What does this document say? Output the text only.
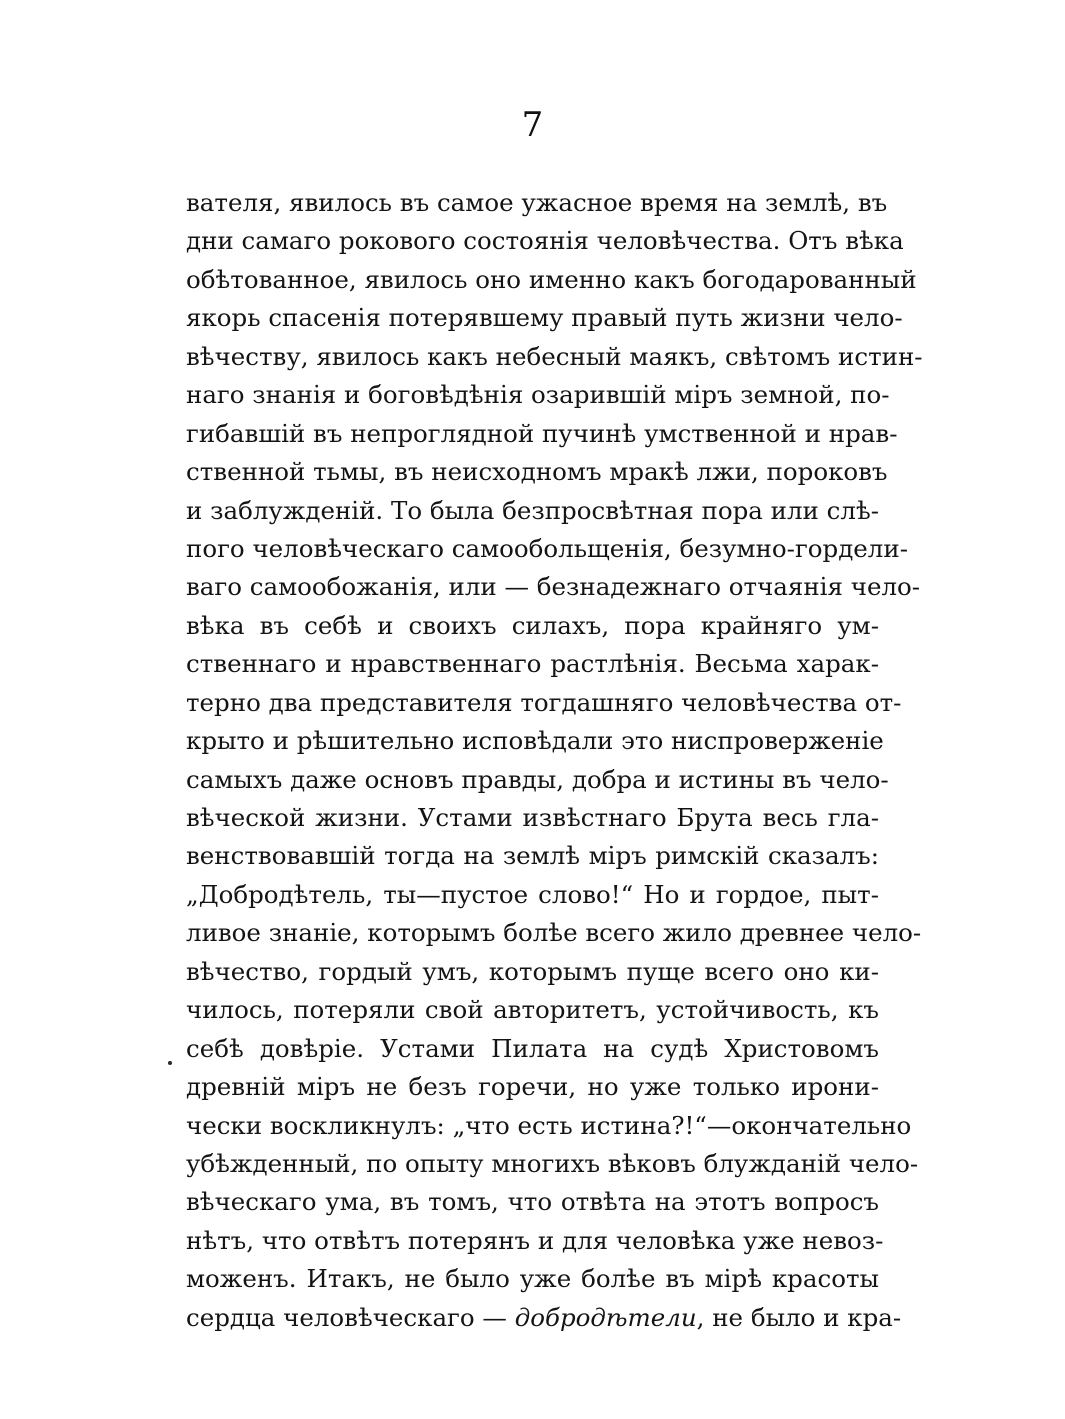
7
вателя, явилось въ самое ужасное время на землѣ, въ
дни самаго рокового состоянія человѣчества. Отъ вѣка
обѣтованное, явилось оно именно какъ богодарованный
якорь спасенія потерявшему правый путь жизни чело-
вѣчеству, явилось какъ небесный маякъ, свѣтомъ истин-
наго знанія и боговѣдѣнія озарившій міръ земной, по-
гибавшій въ непроглядной пучинѣ умственной и нрав-
ственной тьмы, въ неисходномъ мракѣ лжи, пороковъ
и заблужденій. То была безпросвѣтная пора или слѣ-
пого человѣческаго самообольщенія, безумно-гордели-
ваго самообожанія, или — безнадежнаго отчаянія чело-
вѣка въ себѣ и своихъ силахъ, пора крайняго ум-
ственнаго и нравственнаго растлѣнія. Весьма харак-
терно два представителя тогдашняго человѣчества от-
крыто и рѣшительно исповѣдали это ниспроверженіе
самыхъ даже основъ правды, добра и истины въ чело-
вѣческой жизни. Устами извѣстнаго Брута весь гла-
венствовавшій тогда на землѣ міръ римскій сказалъ:
„Добродѣтель, ты—пустое слово!“ Но и гордое, пыт-
ливое знаніе, которымъ болѣе всего жило древнее чело-
вѣчество, гордый умъ, которымъ пуще всего оно ки-
чилось, потеряли свой авторитетъ, устойчивость, къ
себѣ довѣріе. Устами Пилата на судѣ Христовомъ
древній міръ не безъ горечи, но уже только ирони-
чески воскликнулъ: „что есть истина?!“—окончательно
убѣжденный, по опыту многихъ вѣковъ блужданій чело-
вѣческаго ума, въ томъ, что отвѣта на этотъ вопросъ
нѣтъ, что отвѣтъ потерянъ и для человѣка уже невоз-
моженъ. Итакъ, не было уже болѣе въ мірѣ красоты
сердца человѣческаго — добродѣтели, не было и кра-
